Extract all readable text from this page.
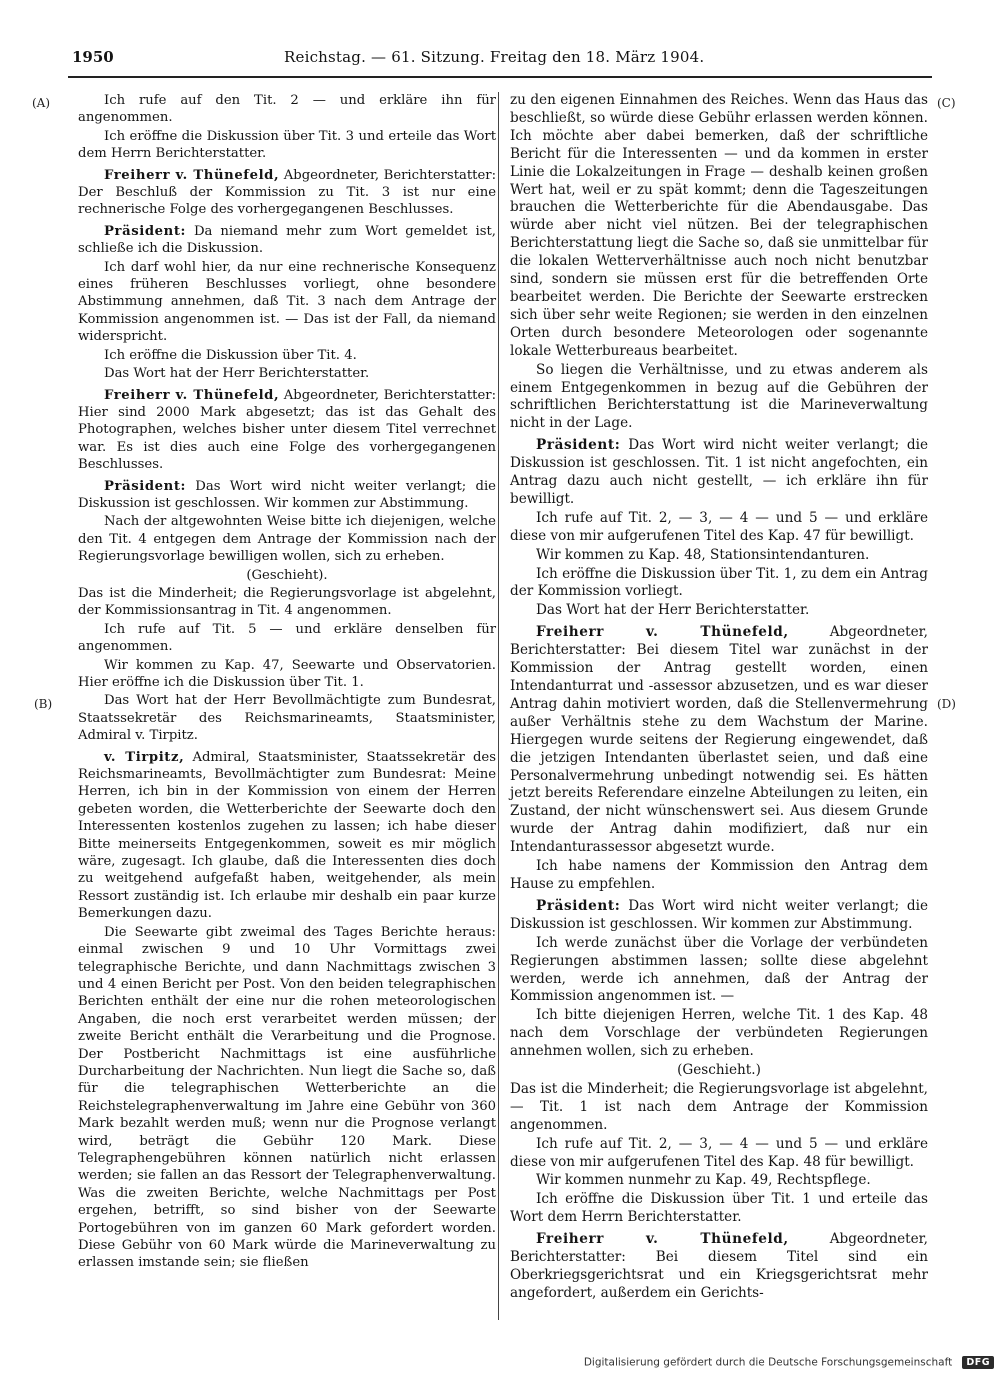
1950	Reichstag. — 61. Sitzung. Freitag den 18. März 1904.
(A)
(B)
(C)
(D)

Ich rufe auf den Tit. 2 — und erkläre ihn für angenommen.

Ich eröffne die Diskussion über Tit. 3 und erteile das Wort dem Herrn Berichterstatter.

Freiherr v. Thünefeld, Abgeordneter, Berichterstatter: Der Beschluß der Kommission zu Tit. 3 ist nur eine rechnerische Folge des vorhergegangenen Beschlusses.

Präsident: Da niemand mehr zum Wort gemeldet ist, schließe ich die Diskussion.

Ich darf wohl hier, da nur eine rechnerische Konsequenz eines früheren Beschlusses vorliegt, ohne besondere Abstimmung annehmen, daß Tit. 3 nach dem Antrage der Kommission angenommen ist. — Das ist der Fall, da niemand widerspricht.

Ich eröffne die Diskussion über Tit. 4.

Das Wort hat der Herr Berichterstatter.

Freiherr v. Thünefeld, Abgeordneter, Berichterstatter: Hier sind 2000 Mark abgesetzt; das ist das Gehalt des Photographen, welches bisher unter diesem Titel verrechnet war. Es ist dies auch eine Folge des vorhergegangenen Beschlusses.

Präsident: Das Wort wird nicht weiter verlangt; die Diskussion ist geschlossen. Wir kommen zur Abstimmung.

Nach der altgewohnten Weise bitte ich diejenigen, welche den Tit. 4 entgegen dem Antrage der Kommission nach der Regierungsvorlage bewilligen wollen, sich zu erheben.

(Geschieht).

Das ist die Minderheit; die Regierungsvorlage ist abgelehnt, der Kommissionsantrag in Tit. 4 angenommen.

Ich rufe auf Tit. 5 — und erkläre denselben für angenommen.

Wir kommen zu Kap. 47, Seewarte und Observatorien. Hier eröffne ich die Diskussion über Tit. 1.

Das Wort hat der Herr Bevollmächtigte zum Bundesrat, Staatssekretär des Reichsmarineamts, Staatsminister, Admiral v. Tirpitz.

v. Tirpitz, Admiral, Staatsminister, Staatssekretär des Reichsmarineamts, Bevollmächtigter zum Bundesrat: Meine Herren, ich bin in der Kommission von einem der Herren gebeten worden, die Wetterberichte der Seewarte doch den Interessenten kostenlos zugehen zu lassen; ich habe dieser Bitte meinerseits Entgegenkommen, soweit es mir möglich wäre, zugesagt. Ich glaube, daß die Interessenten dies doch zu weitgehend aufgefaßt haben, weitgehender, als mein Ressort zuständig ist. Ich erlaube mir deshalb ein paar kurze Bemerkungen dazu.

Die Seewarte gibt zweimal des Tages Berichte heraus: einmal zwischen 9 und 10 Uhr Vormittags zwei telegraphische Berichte, und dann Nachmittags zwischen 3 und 4 einen Bericht per Post. Von den beiden telegraphischen Berichten enthält der eine nur die rohen meteorologischen Angaben, die noch erst verarbeitet werden müssen; der zweite Bericht enthält die Verarbeitung und die Prognose. Der Postbericht Nachmittags ist eine ausführliche Durcharbeitung der Nachrichten. Nun liegt die Sache so, daß für die telegraphischen Wetterberichte an die Reichstelegraphenverwaltung im Jahre eine Gebühr von 360 Mark bezahlt werden muß; wenn nur die Prognose verlangt wird, beträgt die Gebühr 120 Mark. Diese Telegraphengebühren können natürlich nicht erlassen werden; sie fallen an das Ressort der Telegraphenverwaltung. Was die zweiten Berichte, welche Nachmittags per Post ergehen, betrifft, so sind bisher von der Seewarte Portogebühren von im ganzen 60 Mark gefordert worden. Diese Gebühr von 60 Mark würde die Marineverwaltung zu erlassen imstande sein; sie fließen

zu den eigenen Einnahmen des Reiches. Wenn das Haus das beschließt, so würde diese Gebühr erlassen werden können. Ich möchte aber dabei bemerken, daß der schriftliche Bericht für die Interessenten — und da kommen in erster Linie die Lokalzeitungen in Frage — deshalb keinen großen Wert hat, weil er zu spät kommt; denn die Tageszeitungen brauchen die Wetterberichte für die Abendausgabe. Das würde aber nicht viel nützen. Bei der telegraphischen Berichterstattung liegt die Sache so, daß sie unmittelbar für die lokalen Wetterverhältnisse auch noch nicht benutzbar sind, sondern sie müssen erst für die betreffenden Orte bearbeitet werden. Die Berichte der Seewarte erstrecken sich über sehr weite Regionen; sie werden in den einzelnen Orten durch besondere Meteorologen oder sogenannte lokale Wetterbureaus bearbeitet.

So liegen die Verhältnisse, und zu etwas anderem als einem Entgegenkommen in bezug auf die Gebühren der schriftlichen Berichterstattung ist die Marineverwaltung nicht in der Lage.

Präsident: Das Wort wird nicht weiter verlangt; die Diskussion ist geschlossen. Tit. 1 ist nicht angefochten, ein Antrag dazu auch nicht gestellt, — ich erkläre ihn für bewilligt.

Ich rufe auf Tit. 2, — 3, — 4 — und 5 — und erkläre diese von mir aufgerufenen Titel des Kap. 47 für bewilligt.

Wir kommen zu Kap. 48, Stationsintendanturen.

Ich eröffne die Diskussion über Tit. 1, zu dem ein Antrag der Kommission vorliegt.

Das Wort hat der Herr Berichterstatter.

Freiherr v. Thünefeld,	Abgeordneter, Berichterstatter: Bei diesem Titel war zunächst in der Kommission der Antrag gestellt worden, einen Intendanturrat und -assessor abzusetzen, und es war dieser Antrag dahin motiviert worden, daß die Stellenvermehrung außer Verhältnis stehe zu dem Wachstum der Marine. Hiergegen wurde seitens der Regierung eingewendet, daß die jetzigen Intendanten überlastet seien, und daß eine Personalvermehrung unbedingt notwendig sei. Es hätten jetzt bereits Referendare einzelne Abteilungen zu leiten, ein Zustand, der nicht wünschenswert sei. Aus diesem Grunde wurde der Antrag dahin modifiziert, daß nur ein Intendanturassessor abgesetzt wurde.

Ich habe namens der Kommission den Antrag dem Hause zu empfehlen.

Präsident: Das Wort wird nicht weiter verlangt; die Diskussion ist geschlossen. Wir kommen zur Abstimmung.

Ich werde zunächst über die Vorlage der verbündeten Regierungen abstimmen lassen; sollte diese abgelehnt werden, werde ich annehmen, daß der Antrag der Kommission angenommen ist. —

Ich bitte diejenigen Herren, welche Tit. 1 des Kap. 48 nach dem Vorschlage der verbündeten Regierungen annehmen wollen, sich zu erheben.

(Geschieht.)

Das ist die Minderheit; die Regierungsvorlage ist abgelehnt, — Tit. 1 ist nach dem Antrage der Kommission angenommen.

Ich rufe auf Tit. 2, — 3, — 4 — und 5 — und erkläre diese von mir aufgerufenen Titel des Kap. 48 für bewilligt.

Wir kommen nunmehr zu Kap. 49, Rechtspflege.

Ich eröffne die Diskussion über Tit. 1 und erteile das Wort dem Herrn Berichterstatter.

Freiherr v. Thünefeld,	Abgeordneter, Berichterstatter: Bei diesem Titel sind ein Oberkriegsgerichtsrat und ein Kriegsgerichtsrat mehr angefordert, außerdem ein Gerichts-

Digitalisierung gefördert durch die Deutsche Forschungsgemeinschaft DFG
